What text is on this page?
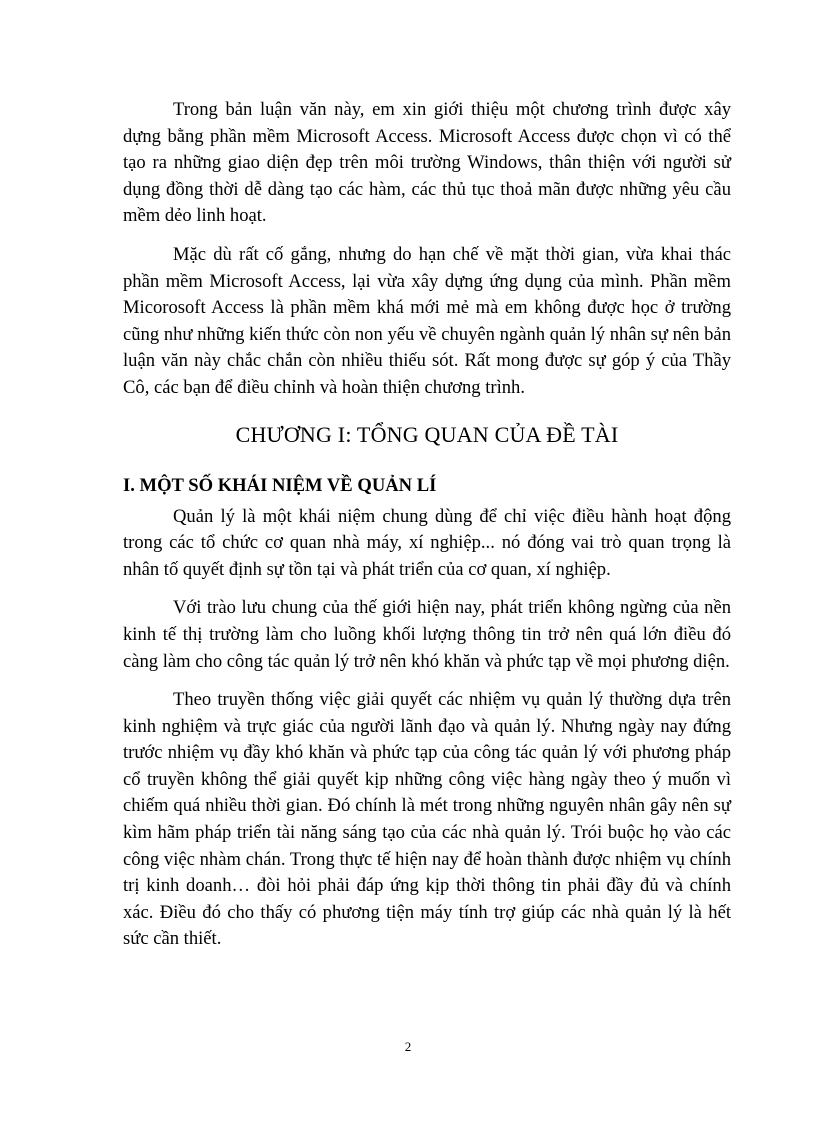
Trong bản luận văn này, em xin giới thiệu một chương trình được xây dựng bằng phần mềm Microsoft Access. Microsoft Access được chọn vì có thể tạo ra những giao diện đẹp trên môi trường Windows, thân thiện với người sử dụng đồng thời dễ dàng tạo các hàm, các thủ tục thoả mãn được những yêu cầu mềm dẻo linh hoạt.

Mặc dù rất cố gắng, nhưng do hạn chế về mặt thời gian, vừa khai thác phần mềm Microsoft Access, lại vừa xây dựng ứng dụng của mình. Phần mềm Micorosoft Access là phần mềm khá mới mẻ mà em không được học ở trường cũng như những kiến thức còn non yếu về chuyên ngành quản lý nhân sự nên bản luận văn này chắc chắn còn nhiều thiếu sót. Rất mong được sự góp ý của Thầy Cô, các bạn để điều chỉnh và hoàn thiện chương trình.

CHƯƠNG I: TỔNG QUAN CỦA ĐỀ TÀI
I. MỘT SỐ KHÁI NIỆM VỀ QUẢN LÍ

Quản lý là một khái niệm chung dùng để chỉ việc điều hành hoạt động trong các tổ chức cơ quan nhà máy, xí nghiệp... nó đóng vai trò quan trọng là nhân tố quyết định sự tồn tại và phát triển của cơ quan, xí nghiệp.

Với trào lưu chung của thế giới hiện nay, phát triển không ngừng của nền kinh tế thị trường làm cho luồng khối lượng thông tin trở nên quá lớn điều đó càng làm cho công tác quản lý trở nên khó khăn và phức tạp về mọi phương diện.

Theo truyền thống việc giải quyết các nhiệm vụ quản lý thường dựa trên kinh nghiệm và trực giác của người lãnh đạo và quản lý. Nhưng ngày nay đứng trước nhiệm vụ đầy khó khăn và phức tạp của công tác quản lý với phương pháp cổ truyền không thể giải quyết kịp những công việc hàng ngày theo ý muốn vì chiếm quá nhiều thời gian. Đó chính là mét trong những nguyên nhân gây nên sự kìm hãm pháp triển tài năng sáng tạo của các nhà quản lý. Trói buộc họ vào các công việc nhàm chán. Trong thực tế hiện nay để hoàn thành được nhiệm vụ chính trị kinh doanh… đòi hỏi phải đáp ứng kịp thời thông tin phải đầy đủ và chính xác. Điều đó cho thấy có phương tiện máy tính trợ giúp các nhà quản lý là hết sức cần thiết.

2
